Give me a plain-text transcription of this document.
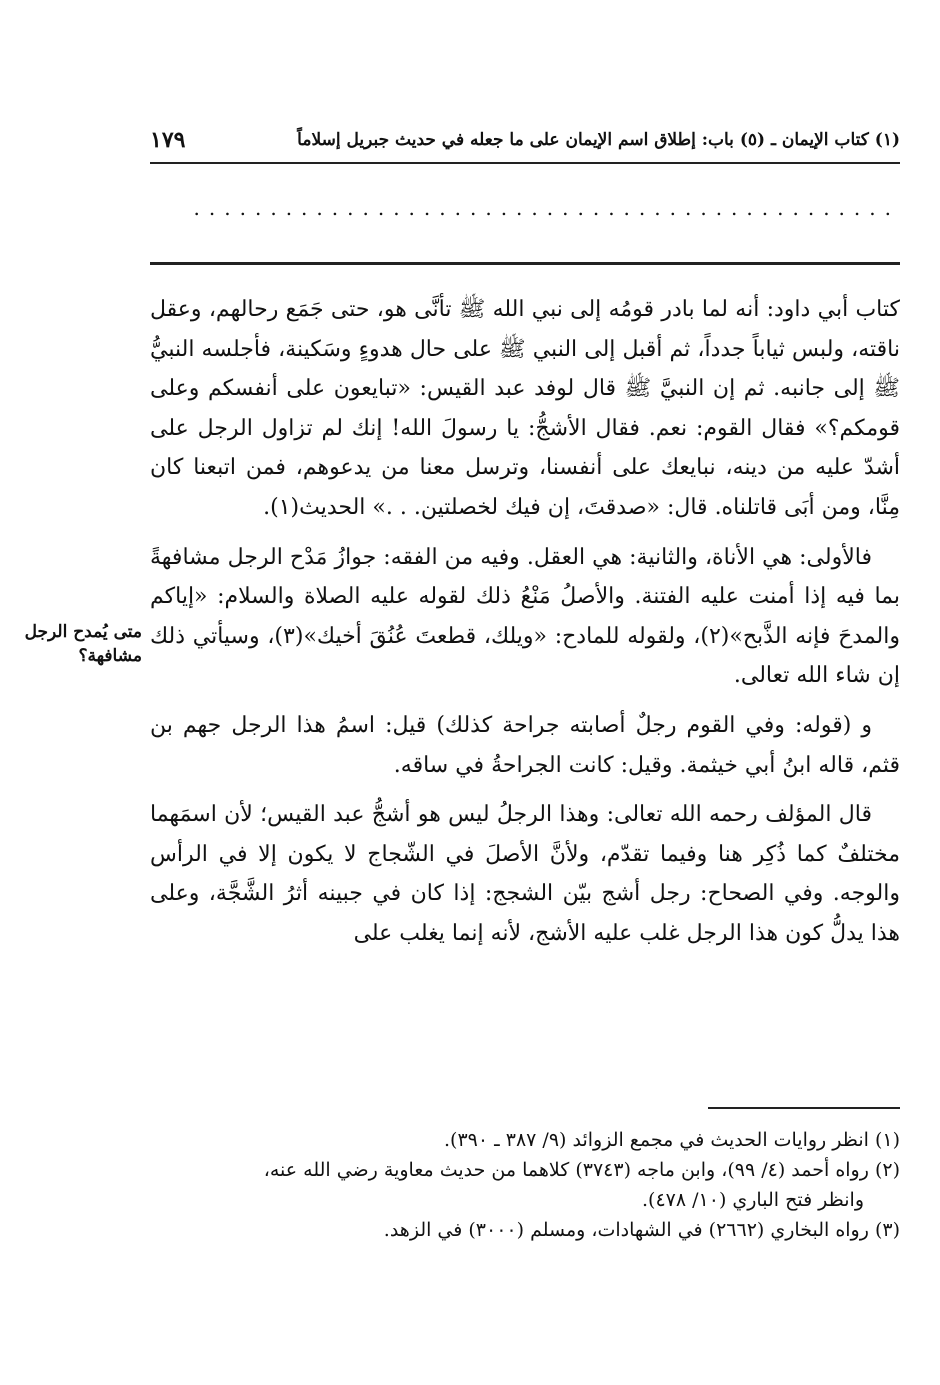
١٧٩	(١) كتاب الإيمان ـ (٥) باب: إطلاق اسم الإيمان على ما جعله في حديث جبريل إسلاماً
..............................................

كتاب أبي داود: أنه لما بادر قومُه إلى نبي الله ﷺ تأنَّى هو، حتى جَمَع رحالهم، وعقل ناقته، ولبس ثياباً جدداً، ثم أقبل إلى النبي ﷺ على حال هدوءٍ وسَكينة، فأجلسه النبيُّ ﷺ إلى جانبه. ثم إن النبيَّ ﷺ قال لوفد عبد القيس: «تبايعون على أنفسكم وعلى قومكم؟» فقال القوم: نعم. فقال الأشجُّ: يا رسولَ الله! إنك لم تزاول الرجل على أشدّ عليه من دينه، نبايعك على أنفسنا، وترسل معنا من يدعوهم، فمن اتبعنا كان مِنَّا، ومن أبَى قاتلناه. قال: «صدقتَ، إن فيك لخصلتين. . .» الحديث(١).

فالأولى: هي الأناة، والثانية: هي العقل. وفيه من الفقه: جوازُ مَدْح الرجل مشافهةً بما فيه إذا أمنت عليه الفتنة. والأصلُ مَنْعُ ذلك لقوله عليه الصلاة والسلام: «إياكم والمدحَ فإنه الذَّبح»(٢)، ولقوله للمادح: «ويلك، قطعتَ عُنُقَ أخيك»(٣)، وسيأتي ذلك إن شاء الله تعالى.

و (قوله: وفي القوم رجلٌ أصابته جراحة كذلك) قيل: اسمُ هذا الرجل جهم بن قثم، قاله ابنُ أبي خيثمة. وقيل: كانت الجراحةُ في ساقه.

قال المؤلف رحمه الله تعالى: وهذا الرجلُ ليس هو أشجُّ عبد القيس؛ لأن اسمَهما مختلفٌ كما ذُكِر هنا وفيما تقدّم، ولأنَّ الأصلَ في الشّجاج لا يكون إلا في الرأس والوجه. وفي الصحاح: رجل أشج بيّن الشجج: إذا كان في جبينه أثرُ الشَّجَّة، وعلى هذا يدلُّ كون هذا الرجل غلب عليه الأشج، لأنه إنما يغلب على

متى يُمدح الرجل مشافهة؟

(١) انظر روايات الحديث في مجمع الزوائد (٩/ ٣٨٧ ـ ٣٩٠).

(٢) رواه أحمد (٤/ ٩٩)، وابن ماجه (٣٧٤٣) كلاهما من حديث معاوية رضي الله عنه،

وانظر فتح الباري (١٠/ ٤٧٨).

(٣) رواه البخاري (٢٦٦٢) في الشهادات، ومسلم (٣٠٠٠) في الزهد.
